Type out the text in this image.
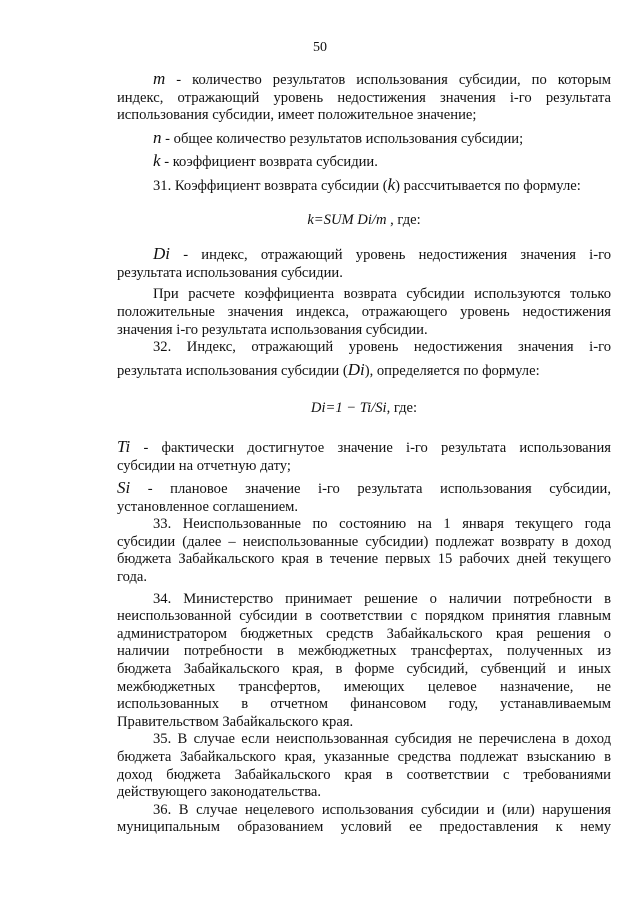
50

m - количество результатов использования субсидии, по которым

индекс, отражающий уровень недостижения значения i-го результата

использования субсидии, имеет положительное значение;

n - общее количество результатов использования субсидии;

k - коэффициент возврата субсидии.

31. Коэффициент возврата субсидии (k) рассчитывается по формуле:

k=SUM Di/m , где:

Di - индекс, отражающий уровень недостижения значения i-го

результата использования субсидии.

При расчете коэффициента возврата субсидии используются только

положительные значения индекса, отражающего уровень недостижения

значения i-го результата использования субсидии.

32. Индекс, отражающий уровень недостижения значения i-го

результата использования субсидии (Di), определяется по формуле:

Di=1 − Ti/Si, где:

Ti - фактически достигнутое значение i-го результата использования

субсидии на отчетную дату;

Si - плановое значение i-го результата использования субсидии,

установленное соглашением.

33. Неиспользованные по состоянию на 1 января текущего года

субсидии (далее – неиспользованные субсидии) подлежат возврату в доход

бюджета Забайкальского края в течение первых 15 рабочих дней текущего

года.

34. Министерство принимает решение о наличии потребности в

неиспользованной субсидии в соответствии с порядком принятия главным

администратором бюджетных средств Забайкальского края решения о

наличии потребности в межбюджетных трансфертах, полученных из

бюджета Забайкальского края, в форме субсидий, субвенций и иных

межбюджетных трансфертов, имеющих целевое назначение, не

использованных в отчетном финансовом году, устанавливаемым

Правительством Забайкальского края.

35. В случае если неиспользованная субсидия не перечислена в доход

бюджета Забайкальского края, указанные средства подлежат взысканию в

доход бюджета Забайкальского края в соответствии с требованиями

действующего законодательства.

36. В случае нецелевого использования субсидии и (или) нарушения

муниципальным образованием условий ее предоставления к нему
